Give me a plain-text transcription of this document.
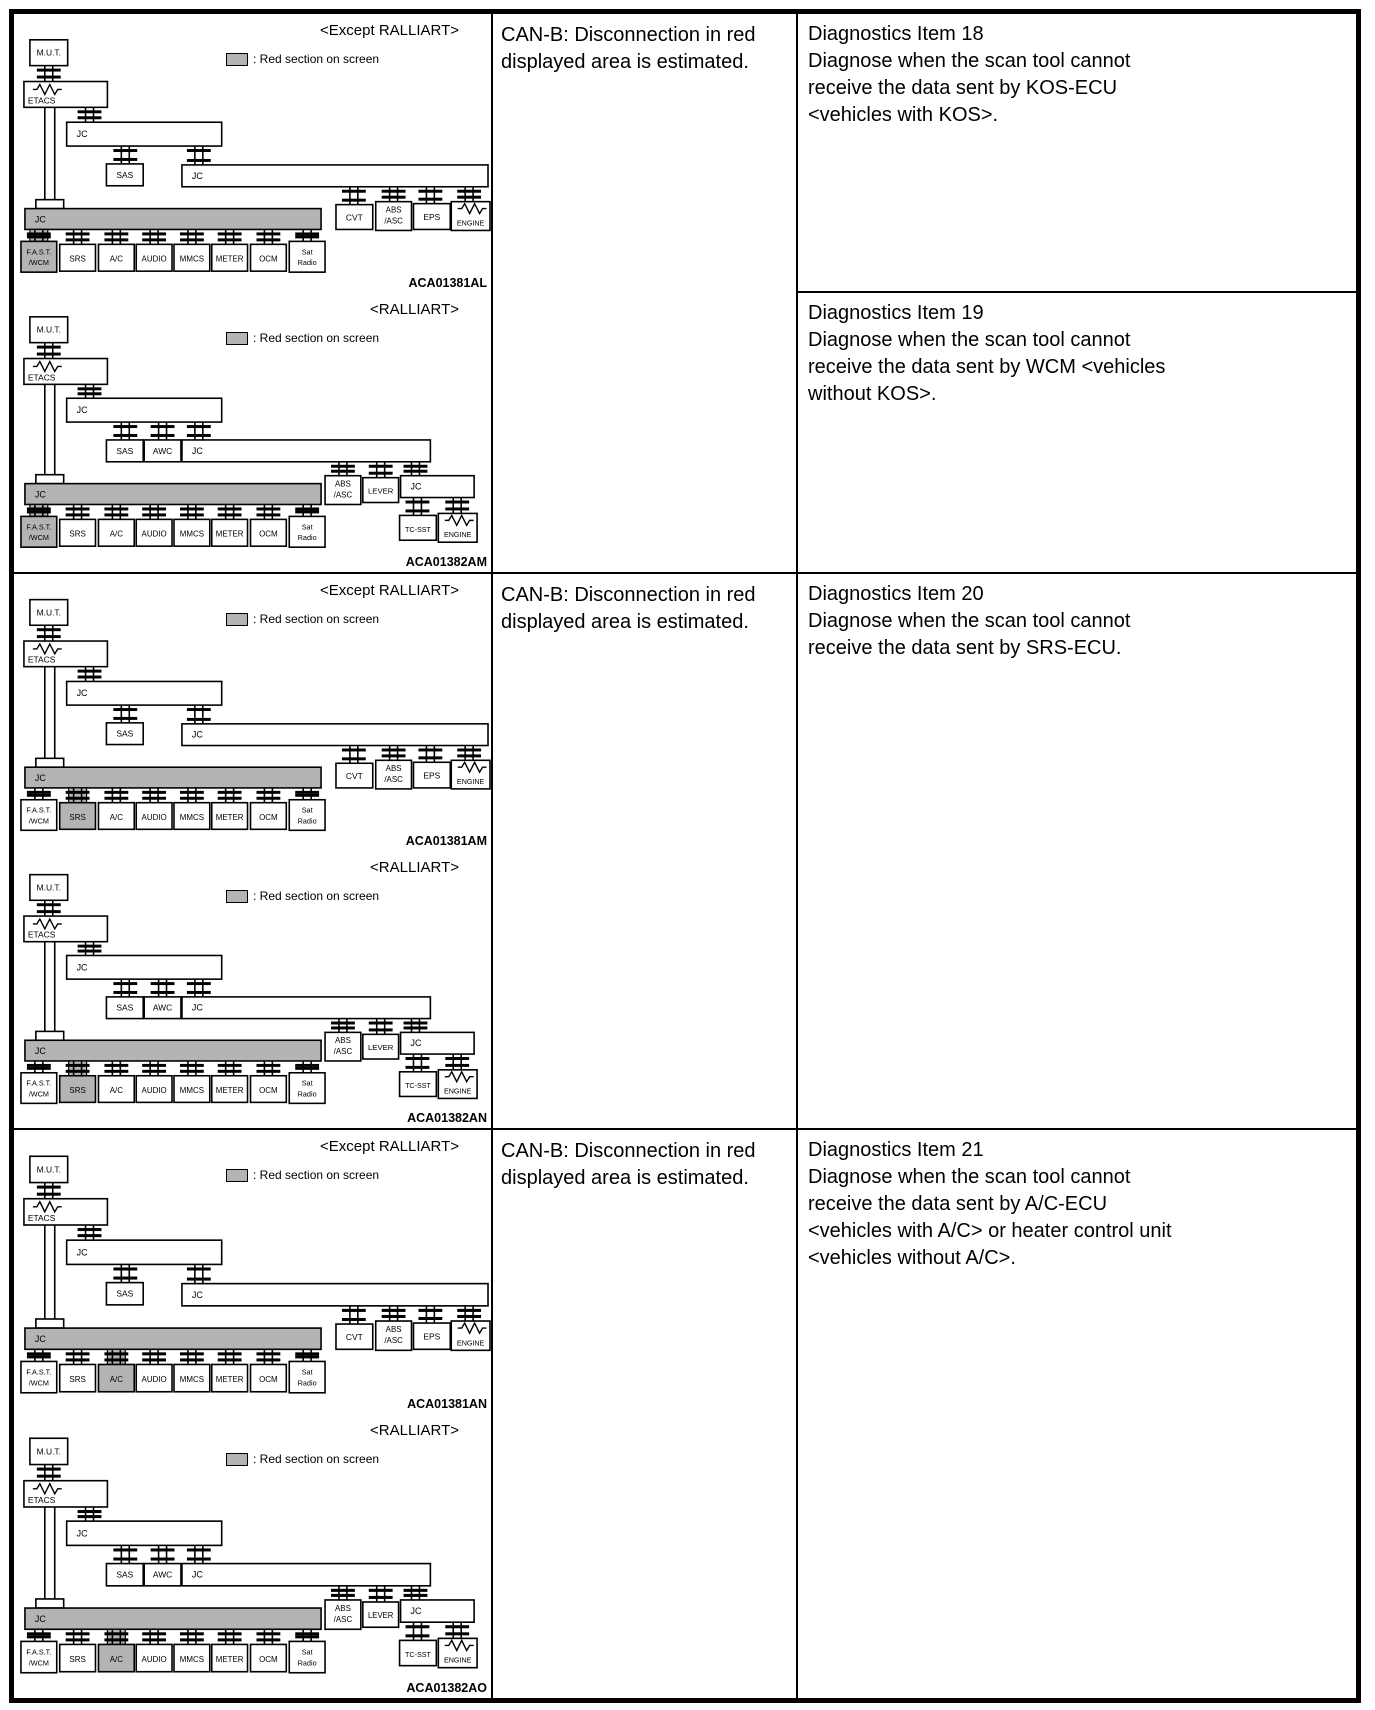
<Except RALLIART>
: Red section on screen
M.U.T.
ETACS
JC
SAS	JC
CVT
ABS
/ASC EPS
ENGINE
JC
F.A.S.T.
/WCM	SRS	A/C AUDIO MMCS METER OCM
Sat
Radio
ACA01381AL
<RALLIART>
: Red section on screen
M.U.T.
ETACS
JC
SAS AWC JC
ABS
/ASC LEVER JC
TC-SST
ENGINE
JC
F.A.S.T.
/WCM	SRS	A/C AUDIO MMCS METER OCM
Sat
Radio
ACA01382AM
CAN-B: Disconnection in red displayed area is estimated.
Diagnostics Item 18
Diagnose when the scan tool cannot receive the data sent by KOS-ECU <vehicles with KOS>.
Diagnostics Item 19
Diagnose when the scan tool cannot receive the data sent by WCM <vehicles without KOS>.
<Except RALLIART>
: Red section on screen
M.U.T.
ETACS
JC
SAS	JC
CVT
ABS
/ASC EPS
ENGINE
JC
F.A.S.T.
/WCM	SRS	A/C AUDIO MMCS METER OCM
Sat
Radio
ACA01381AM
<RALLIART>
: Red section on screen
M.U.T.
ETACS
JC
SAS AWC JC
ABS
/ASC LEVER JC
TC-SST
ENGINE
JC
F.A.S.T.
/WCM	SRS	A/C AUDIO MMCS METER OCM
Sat
Radio
ACA01382AN
CAN-B: Disconnection in red displayed area is estimated.
Diagnostics Item 20
Diagnose when the scan tool cannot receive the data sent by SRS-ECU.
<Except RALLIART>
: Red section on screen
M.U.T.
ETACS
JC
SAS	JC
CVT
ABS
/ASC EPS
ENGINE
JC
F.A.S.T.
/WCM	SRS	A/C AUDIO MMCS METER OCM
Sat
Radio
ACA01381AN
<RALLIART>
: Red section on screen
M.U.T.
ETACS
JC
SAS AWC JC
ABS
/ASC LEVER JC
TC-SST
ENGINE
JC
F.A.S.T.
/WCM	SRS	A/C AUDIO MMCS METER OCM
Sat
Radio
ACA01382AO
CAN-B: Disconnection in red displayed area is estimated.
Diagnostics Item 21
Diagnose when the scan tool cannot receive the data sent by A/C-ECU <vehicles with A/C> or heater control unit <vehicles without A/C>.
